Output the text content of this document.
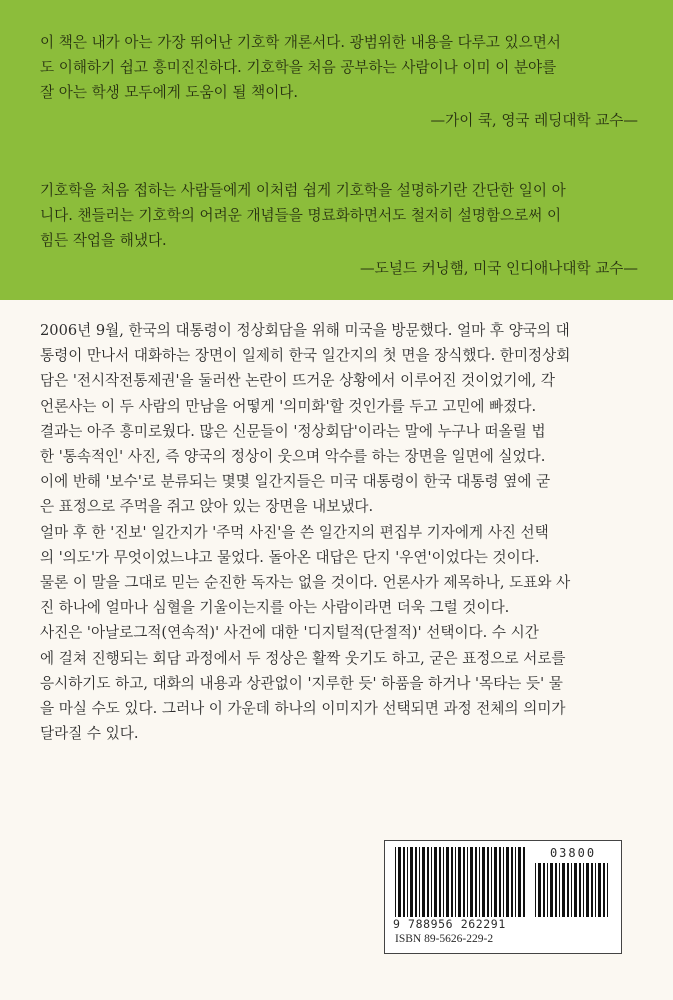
이 책은 내가 아는 가장 뛰어난 기호학 개론서다. 광범위한 내용을 다루고 있으면서

도 이해하기 쉽고 흥미진진하다. 기호학을 처음 공부하는 사람이나 이미 이 분야를

잘 아는 학생 모두에게 도움이 될 책이다.

—가이 쿡, 영국 레딩대학 교수—

기호학을 처음 접하는 사람들에게 이처럼 쉽게 기호학을 설명하기란 간단한 일이 아

니다. 챈들러는 기호학의 어려운 개념들을 명료화하면서도 철저히 설명함으로써 이

힘든 작업을 해냈다.

—도널드 커닝햄, 미국 인디애나대학 교수—

2006년 9월, 한국의 대통령이 정상회담을 위해 미국을 방문했다. 얼마 후 양국의 대

통령이 만나서 대화하는 장면이 일제히 한국 일간지의 첫 면을 장식했다. 한미정상회

담은 '전시작전통제권'을 둘러싼 논란이 뜨거운 상황에서 이루어진 것이었기에, 각

언론사는 이 두 사람의 만남을 어떻게 '의미화'할 것인가를 두고 고민에 빠졌다.

결과는 아주 흥미로웠다. 많은 신문들이 '정상회담'이라는 말에 누구나 떠올릴 법

한 '통속적인' 사진, 즉 양국의 정상이 웃으며 악수를 하는 장면을 일면에 실었다.

이에 반해 '보수'로 분류되는 몇몇 일간지들은 미국 대통령이 한국 대통령 옆에 굳

은 표정으로 주먹을 쥐고 앉아 있는 장면을 내보냈다.

얼마 후 한 '진보' 일간지가 '주먹 사진'을 쓴 일간지의 편집부 기자에게 사진 선택

의 '의도'가 무엇이었느냐고 물었다. 돌아온 대답은 단지 '우연'이었다는 것이다.

물론 이 말을 그대로 믿는 순진한 독자는 없을 것이다. 언론사가 제목하나, 도표와 사

진 하나에 얼마나 심혈을 기울이는지를 아는 사람이라면 더욱 그럴 것이다.

사진은 '아날로그적(연속적)' 사건에 대한 '디지털적(단절적)' 선택이다. 수 시간

에 걸쳐 진행되는 회담 과정에서 두 정상은 활짝 웃기도 하고, 굳은 표정으로 서로를

응시하기도 하고, 대화의 내용과 상관없이 '지루한 듯' 하품을 하거나 '목타는 듯' 물

을 마실 수도 있다. 그러나 이 가운데 하나의 이미지가 선택되면 과정 전체의 의미가

달라질 수 있다.

03800
9 788956 262291
ISBN 89-5626-229-2
